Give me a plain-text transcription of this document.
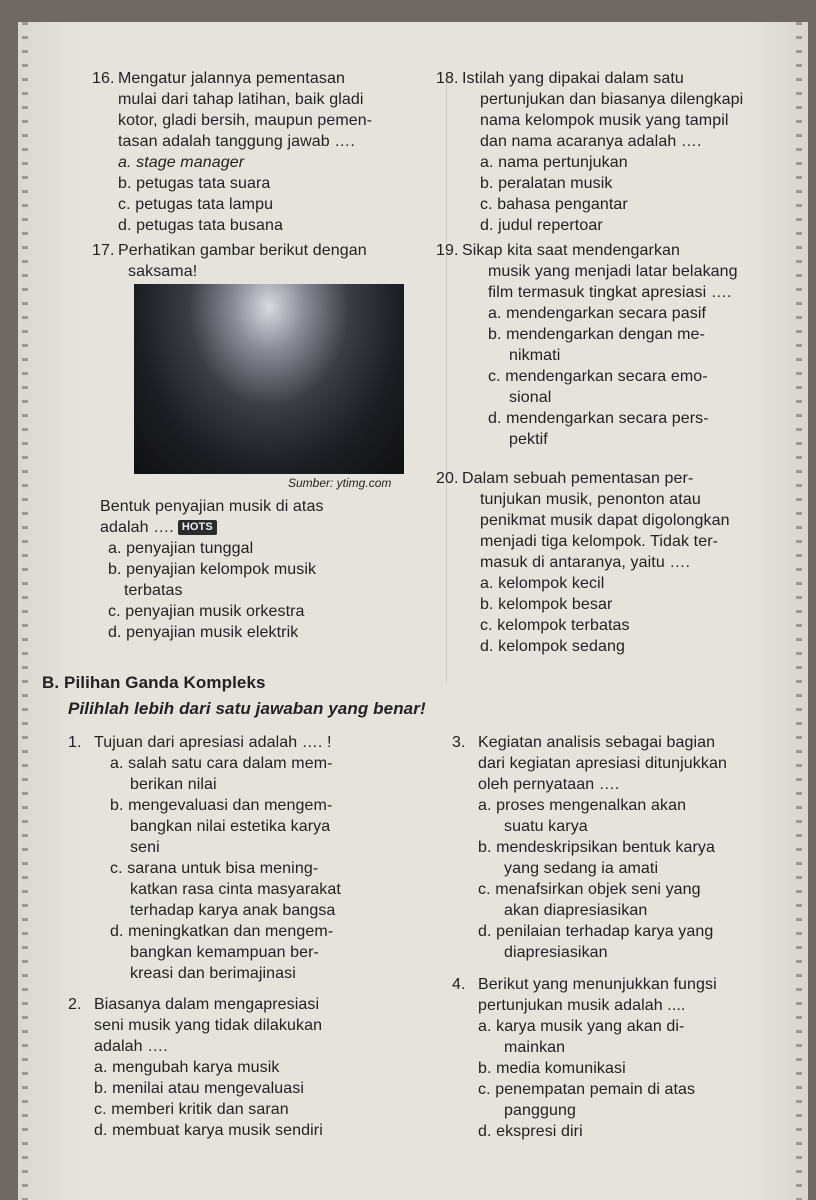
16. Mengatur jalannya pementasan
mulai dari tahap latihan, baik gladi
kotor, gladi bersih, maupun pemen-
tasan adalah tanggung jawab ….
a. stage manager
b. petugas tata suara
c. petugas tata lampu
d. petugas tata busana
17. Perhatikan gambar berikut dengan
saksama!
Sumber: ytimg.com
Bentuk penyajian musik di atas
adalah …. HOTS
a. penyajian tunggal
b. penyajian kelompok musik
terbatas
c. penyajian musik orkestra
d. penyajian musik elektrik
18. Istilah yang dipakai dalam satu
pertunjukan dan biasanya dilengkapi
nama kelompok musik yang tampil
dan nama acaranya adalah ….
a. nama pertunjukan
b. peralatan musik
c. bahasa pengantar
d. judul repertoar
19. Sikap kita saat mendengarkan
musik yang menjadi latar belakang
film termasuk tingkat apresiasi ….
a. mendengarkan secara pasif
b. mendengarkan dengan me-
nikmati
c. mendengarkan secara emo-
sional
d. mendengarkan secara pers-
pektif
20. Dalam sebuah pementasan per-
tunjukan musik, penonton atau
penikmat musik dapat digolongkan
menjadi tiga kelompok. Tidak ter-
masuk di antaranya, yaitu ….
a. kelompok kecil
b. kelompok besar
c. kelompok terbatas
d. kelompok sedang
B. Pilihan Ganda Kompleks
Pilihlah lebih dari satu jawaban yang benar!
1. Tujuan dari apresiasi adalah …. !
a. salah satu cara dalam mem-
berikan nilai
b. mengevaluasi dan mengem-
bangkan nilai estetika karya
seni
c. sarana untuk bisa mening-
katkan rasa cinta masyarakat
terhadap karya anak bangsa
d. meningkatkan dan mengem-
bangkan kemampuan ber-
kreasi dan berimajinasi
2. Biasanya dalam mengapresiasi
seni musik yang tidak dilakukan
adalah ….
a. mengubah karya musik
b. menilai atau mengevaluasi
c. memberi kritik dan saran
d. membuat karya musik sendiri
3. Kegiatan analisis sebagai bagian
dari kegiatan apresiasi ditunjukkan
oleh pernyataan ….
a. proses mengenalkan akan
suatu karya
b. mendeskripsikan bentuk karya
yang sedang ia amati
c. menafsirkan objek seni yang
akan diapresiasikan
d. penilaian terhadap karya yang
diapresiasikan
4. Berikut yang menunjukkan fungsi
pertunjukan musik adalah ....
a. karya musik yang akan di-
mainkan
b. media komunikasi
c. penempatan pemain di atas
panggung
d. ekspresi diri
